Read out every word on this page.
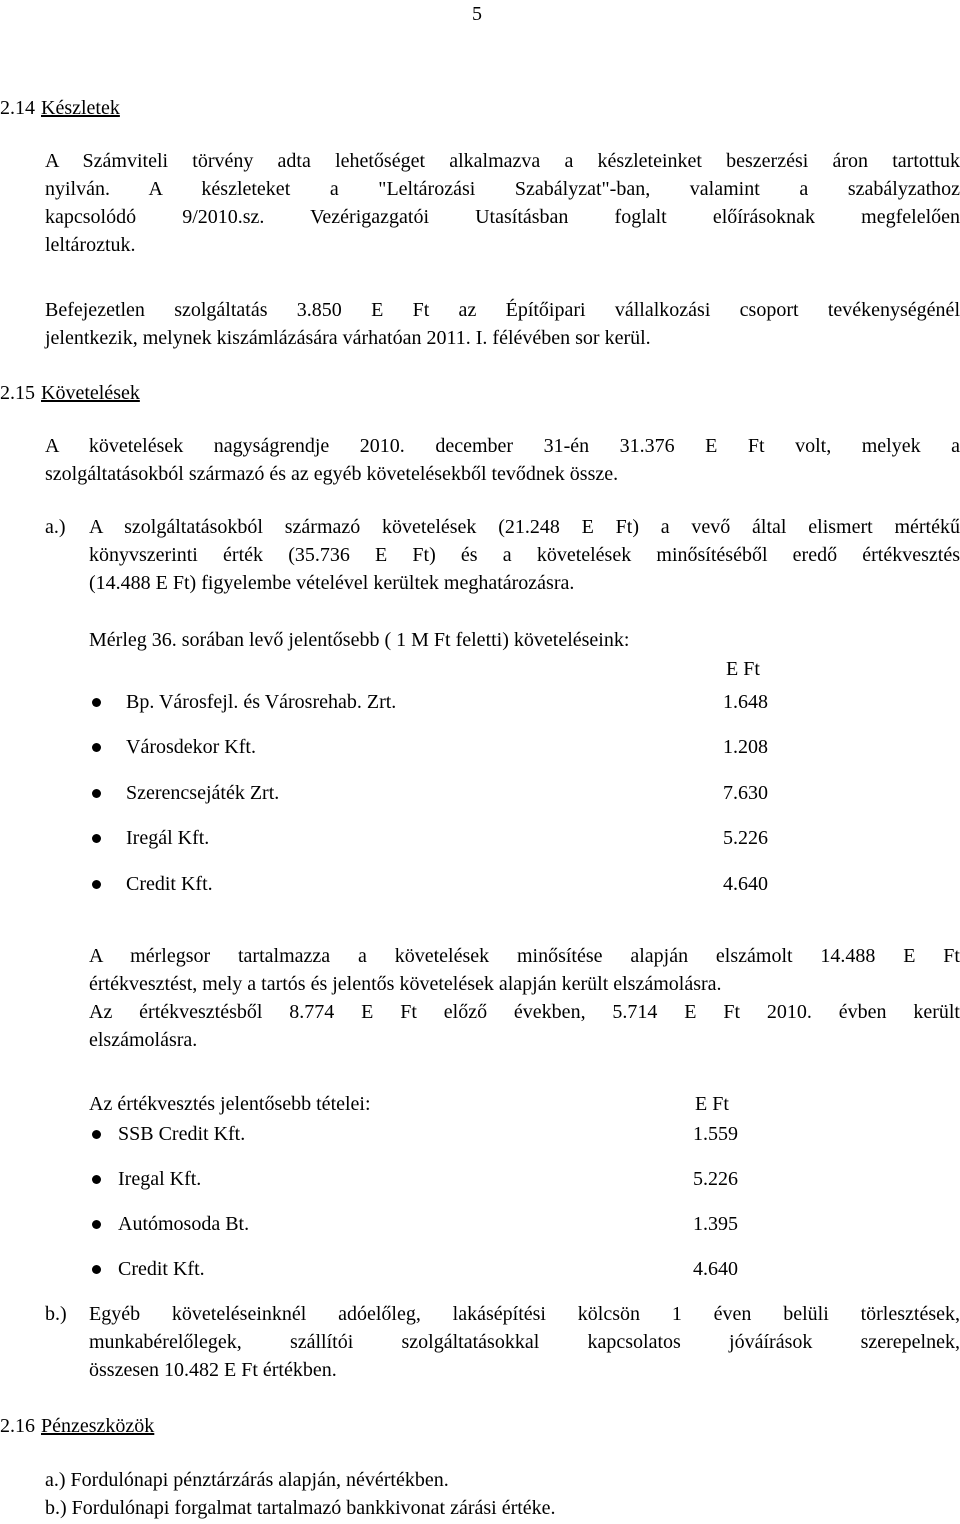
5
2.14 Készletek
A Számviteli törvény adta lehetőséget alkalmazva a készleteinket beszerzési áron tartottuk
nyilván. A készleteket a "Leltározási Szabályzat"-ban, valamint a szabályzathoz
kapcsolódó 9/2010.sz. Vezérigazgatói Utasításban foglalt előírásoknak megfelelően
leltároztuk.
Befejezetlen szolgáltatás 3.850 E Ft az Építőipari vállalkozási csoport tevékenységénél
jelentkezik, melynek kiszámlázására várhatóan 2011. I. félévében sor kerül.
2.15 Követelések
A követelések nagyságrendje 2010. december 31-én 31.376 E Ft volt, melyek a
szolgáltatásokból származó és az egyéb követelésekből tevődnek össze.
a.) A szolgáltatásokból származó követelések (21.248 E Ft) a vevő által elismert mértékű
könyvszerinti érték (35.736 E Ft) és a követelések minősítéséből eredő értékvesztés
(14.488 E Ft) figyelembe vételével kerültek meghatározásra.
Mérleg 36. sorában levő jelentősebb ( 1 M Ft feletti) követeléseink:
E Ft
Bp. Városfejl. és Városrehab. Zrt.	1.648
Városdekor Kft.	1.208
Szerencsejáték Zrt.	7.630
Iregál Kft.	5.226
Credit Kft.	4.640
A mérlegsor tartalmazza a követelések minősítése alapján elszámolt 14.488 E Ft
értékvesztést, mely a tartós és jelentős követelések alapján került elszámolásra.
Az értékvesztésből 8.774 E Ft előző években, 5.714 E Ft 2010. évben került
elszámolásra.
Az értékvesztés jelentősebb tételei:	E Ft
SSB Credit Kft.	1.559
Iregal Kft.	5.226
Autómosoda Bt.	1.395
Credit Kft.	4.640
b.) Egyéb követeléseinknél adóelőleg, lakásépítési kölcsön 1 éven belüli törlesztések,
munkabérelőlegek, szállítói szolgáltatásokkal kapcsolatos jóváírások szerepelnek,
összesen 10.482 E Ft értékben.
2.16 Pénzeszközök
a.) Fordulónapi pénztárzárás alapján, névértékben.
b.) Fordulónapi forgalmat tartalmazó bankkivonat zárási értéke.
